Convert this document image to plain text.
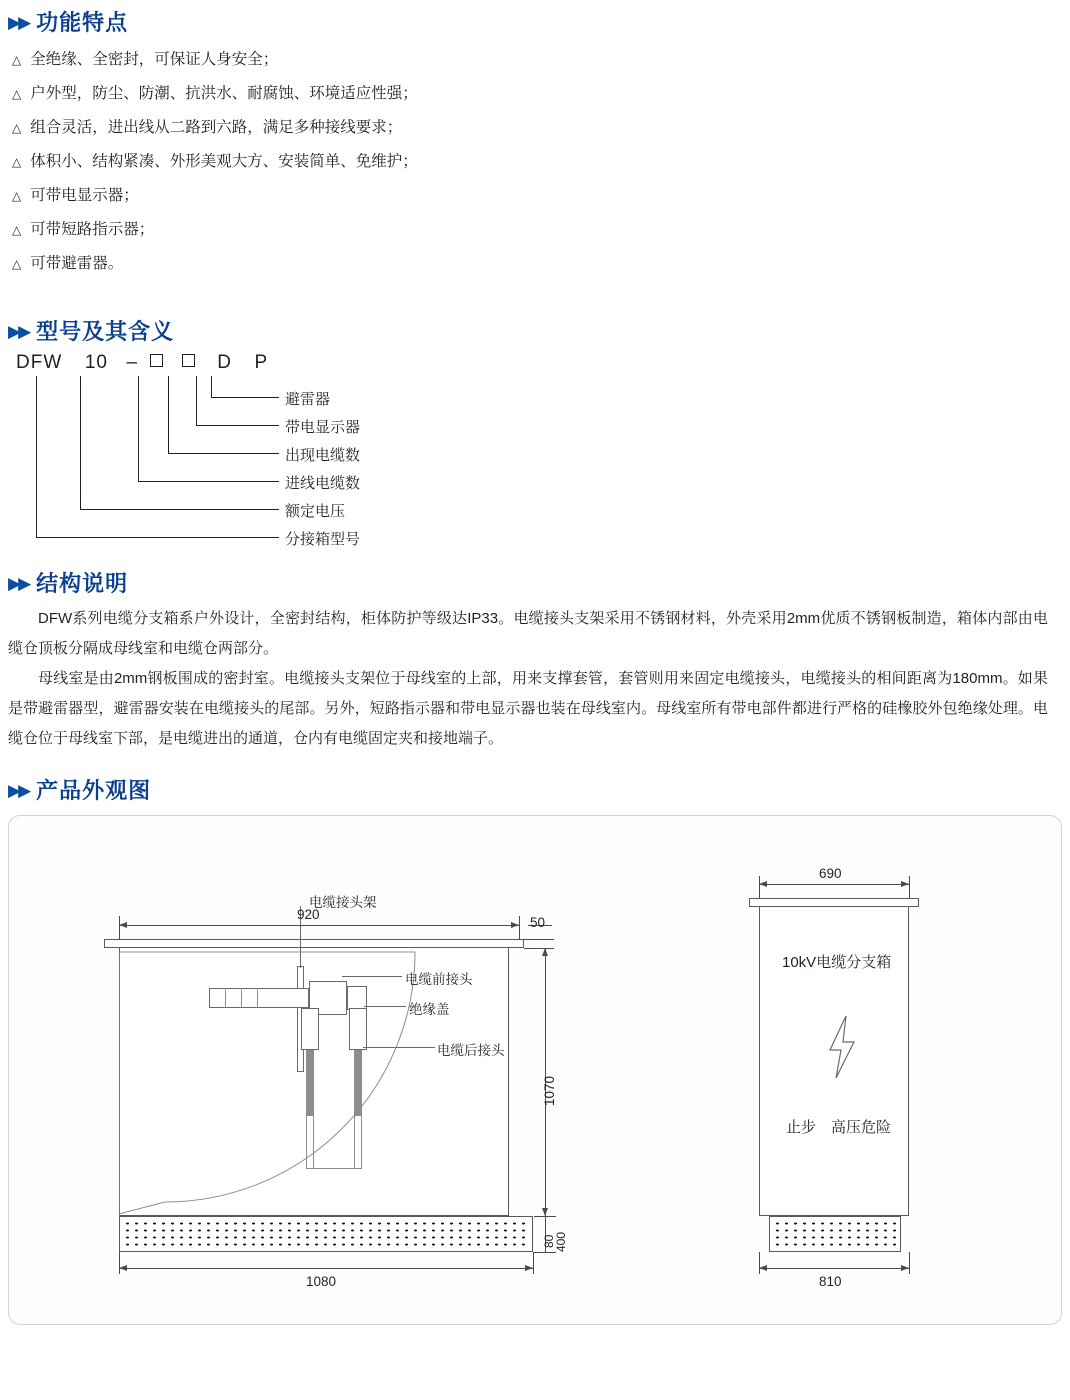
▶▶ 功能特点
△ 全绝缘、全密封，可保证人身安全；
△ 户外型，防尘、防潮、抗洪水、耐腐蚀、环境适应性强；
△ 组合灵活，进出线从二路到六路，满足多种接线要求；
△ 体积小、结构紧凑、外形美观大方、安装简单、免维护；
△ 可带电显示器；
△ 可带短路指示器；
△ 可带避雷器。
▶▶ 型号及其含义
DFW 10 –	D P
避雷器
带电显示器
出现电缆数
进线电缆数
额定电压
分接箱型号
▶▶ 结构说明

DFW系列电缆分支箱系户外设计，全密封结构，柜体防护等级达IP33。电缆接头支架采用不锈钢材料，外壳采用2mm优质不锈钢板制造，箱体内部由电缆仓顶板分隔成母线室和电缆仓两部分。

母线室是由2mm钢板围成的密封室。电缆接头支架位于母线室的上部，用来支撑套管，套管则用来固定电缆接头，电缆接头的相间距离为180mm。如果是带避雷器型，避雷器安装在电缆接头的尾部。另外，短路指示器和带电显示器也装在母线室内。母线室所有带电部件都进行严格的硅橡胶外包绝缘处理。电缆仓位于母线室下部，是电缆进出的通道，仓内有电缆固定夹和接地端子。

▶▶ 产品外观图
电缆接头架
电缆前接头
绝缘盖
电缆后接头
920
50
1070
400
80
1080
690
10kV电缆分支箱
止步　高压危险
810
